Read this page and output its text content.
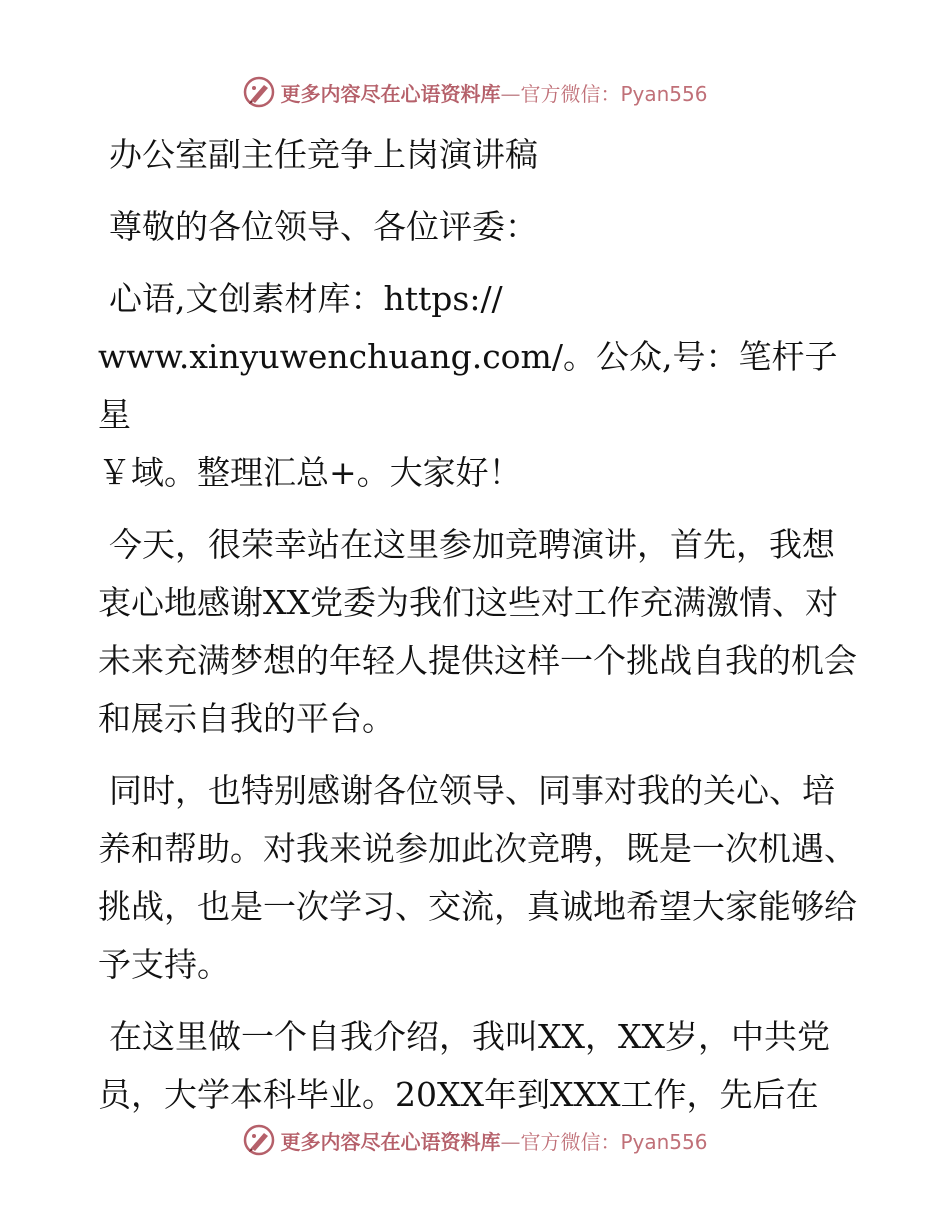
更多内容尽在心语资料库—官方微信：Pyan556

办公室副主任竞争上岗演讲稿

尊敬的各位领导、各位评委：

心语,文创素材库：https://

www.xinyuwenchuang.com/。公众,号：笔杆子星

￥域。整理汇总+。大家好！

今天，很荣幸站在这里参加竞聘演讲，首先，我想衷心地感谢XX党委为我们这些对工作充满激情、对未来充满梦想的年轻人提供这样一个挑战自我的机会和展示自我的平台。

同时，也特别感谢各位领导、同事对我的关心、培养和帮助。对我来说参加此次竞聘，既是一次机遇、挑战，也是一次学习、交流，真诚地希望大家能够给予支持。

在这里做一个自我介绍，我叫XX，XX岁，中共党员，大学本科毕业。20XX年到XXX工作，先后在

更多内容尽在心语资料库—官方微信：Pyan556
